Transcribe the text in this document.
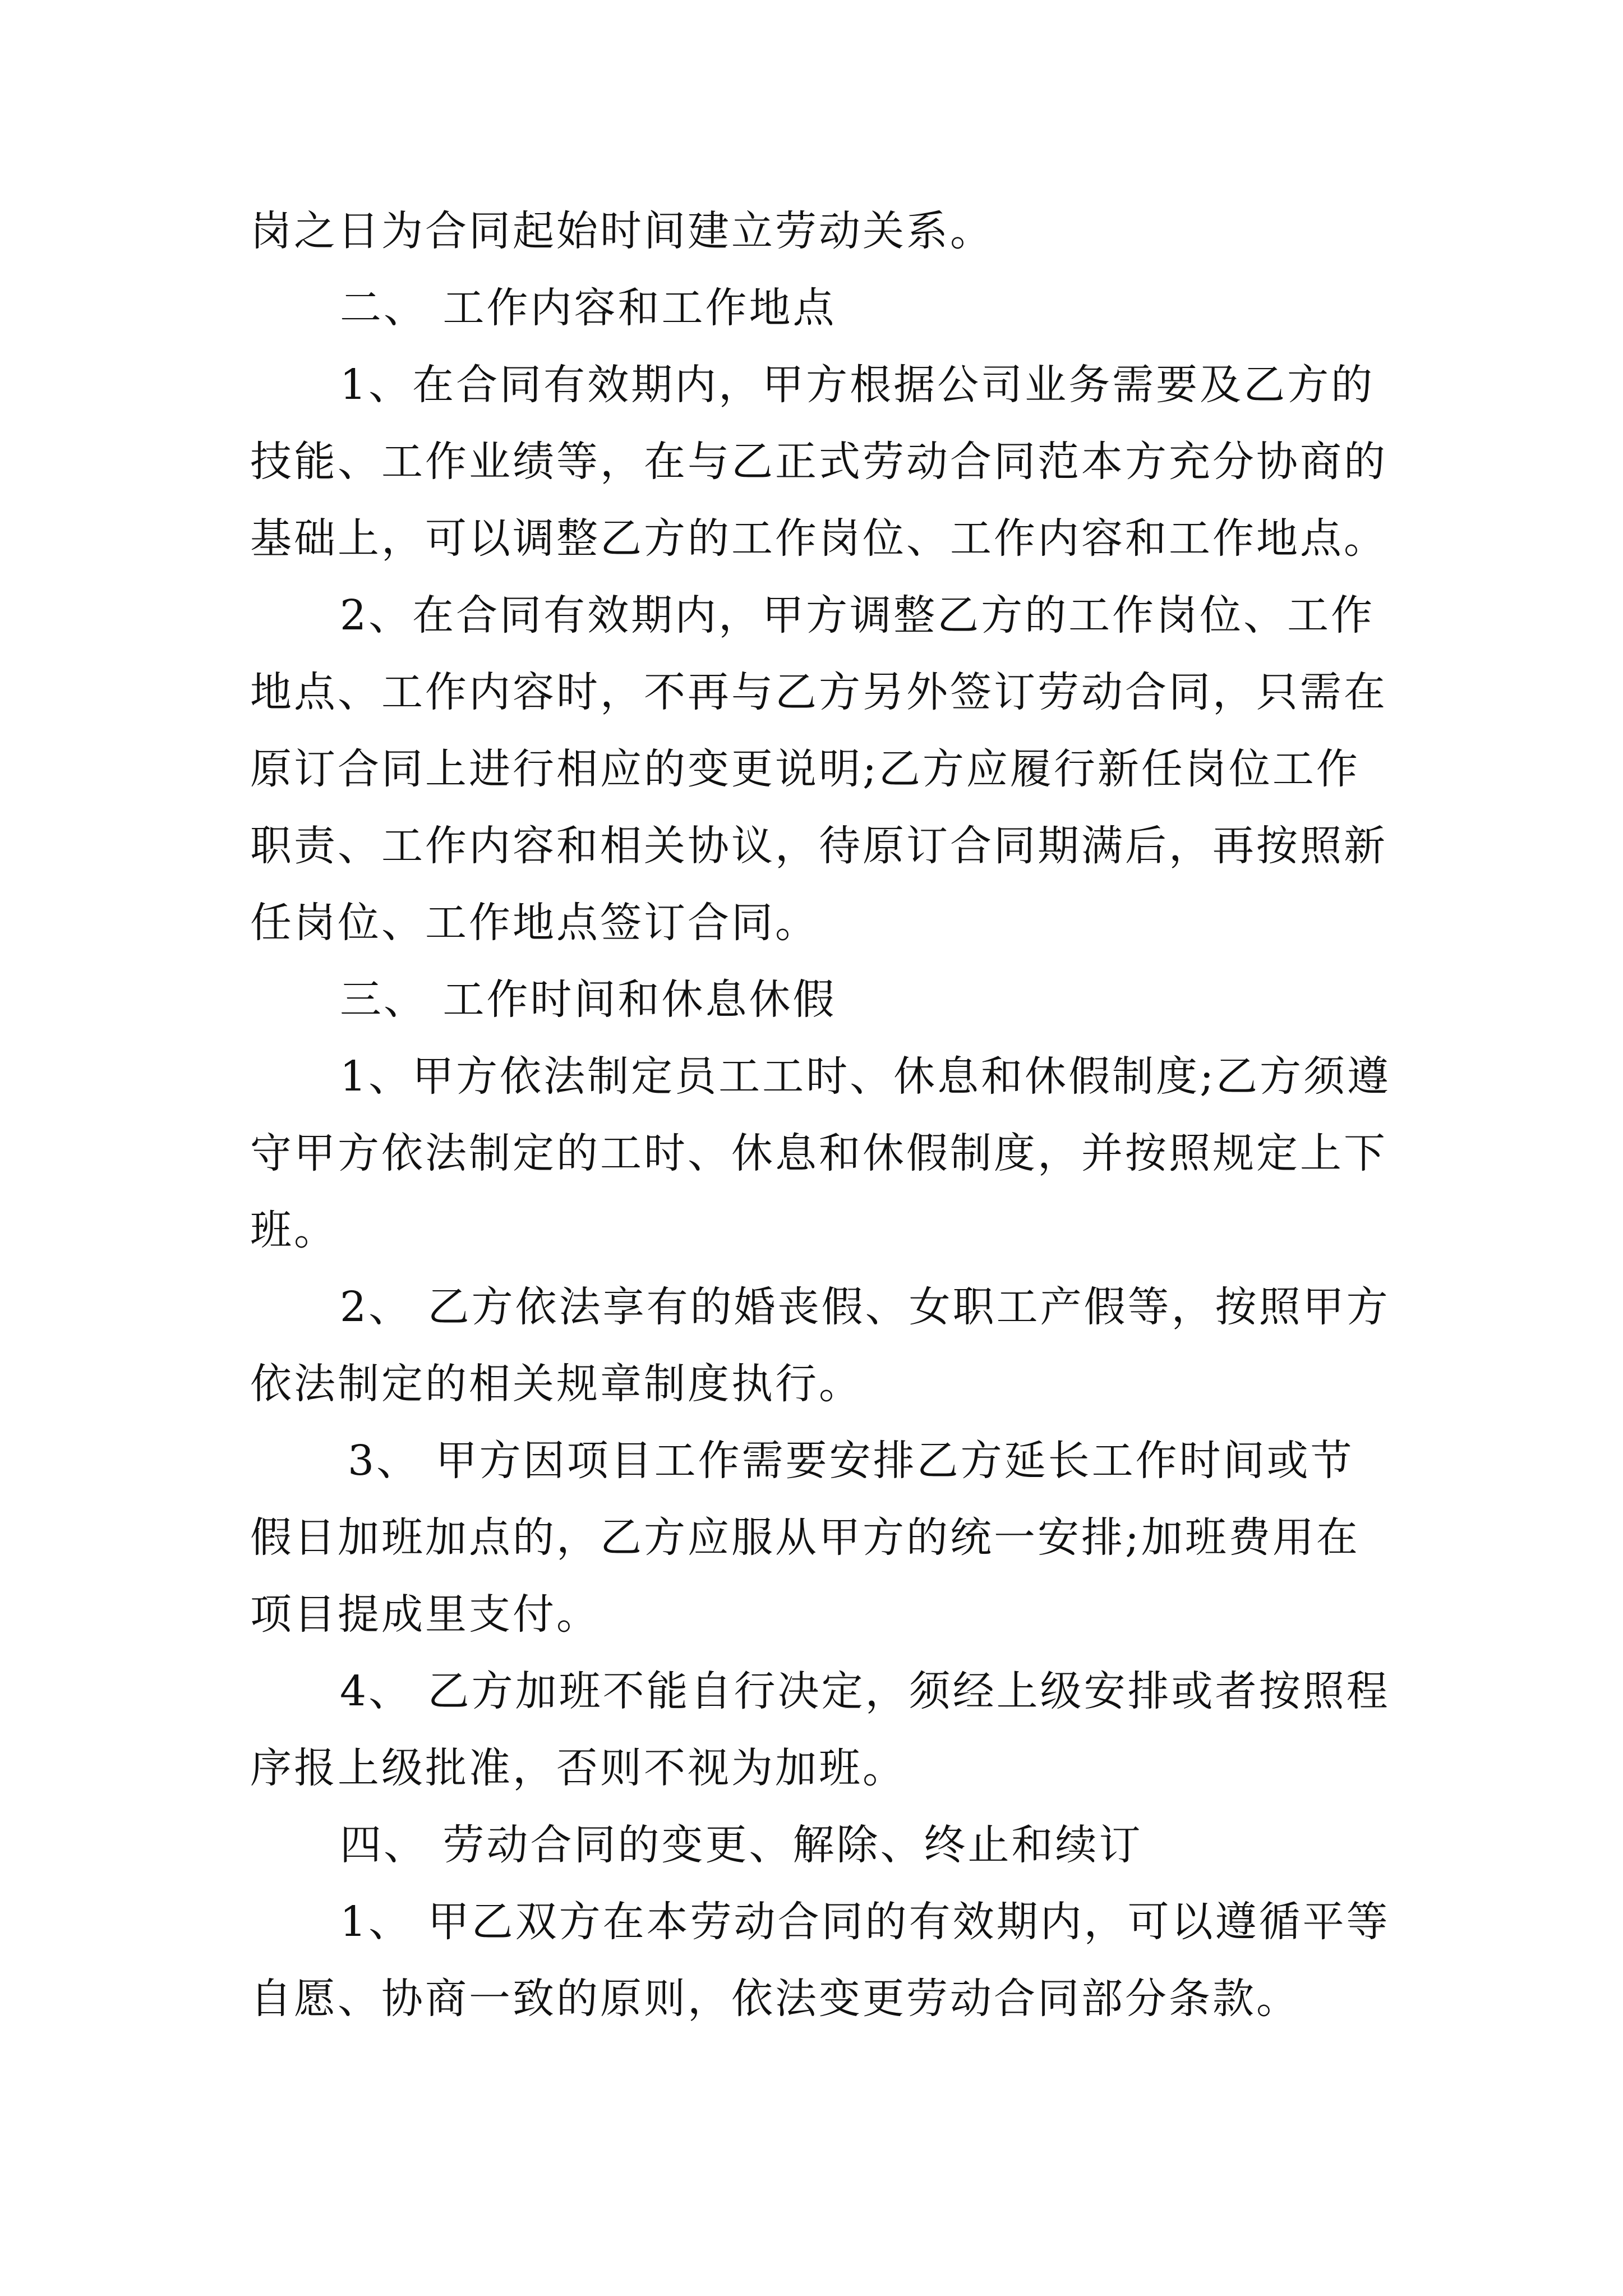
岗之日为合同起始时间建立劳动关系。
二、 工作内容和工作地点
1、在合同有效期内，甲方根据公司业务需要及乙方的
技能、工作业绩等，在与乙正式劳动合同范本方充分协商的
基础上，可以调整乙方的工作岗位、工作内容和工作地点。
2、在合同有效期内，甲方调整乙方的工作岗位、工作
地点、工作内容时，不再与乙方另外签订劳动合同，只需在
原订合同上进行相应的变更说明;乙方应履行新任岗位工作
职责、工作内容和相关协议，待原订合同期满后，再按照新
任岗位、工作地点签订合同。
三、 工作时间和休息休假
1、甲方依法制定员工工时、休息和休假制度;乙方须遵
守甲方依法制定的工时、休息和休假制度，并按照规定上下
班。
2、 乙方依法享有的婚丧假、女职工产假等，按照甲方
依法制定的相关规章制度执行。
3、 甲方因项目工作需要安排乙方延长工作时间或节
假日加班加点的，乙方应服从甲方的统一安排;加班费用在
项目提成里支付。
4、 乙方加班不能自行决定，须经上级安排或者按照程
序报上级批准，否则不视为加班。
四、 劳动合同的变更、解除、终止和续订
1、 甲乙双方在本劳动合同的有效期内，可以遵循平等
自愿、协商一致的原则，依法变更劳动合同部分条款。
